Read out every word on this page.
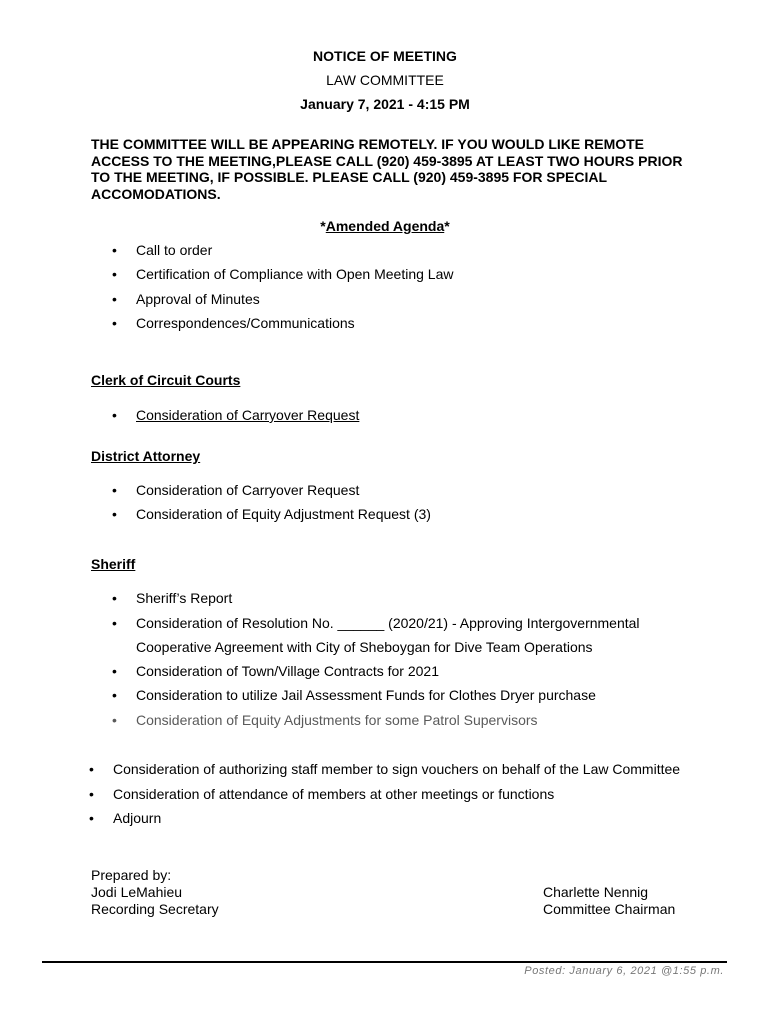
NOTICE OF MEETING
LAW COMMITTEE
January 7, 2021 - 4:15 PM
THE COMMITTEE WILL BE APPEARING REMOTELY. IF YOU WOULD LIKE REMOTE ACCESS TO THE MEETING,PLEASE CALL (920) 459-3895 AT LEAST TWO HOURS PRIOR TO THE MEETING, IF POSSIBLE. PLEASE CALL (920) 459-3895 FOR SPECIAL ACCOMODATIONS.
*Amended Agenda*
• Call to order
• Certification of Compliance with Open Meeting Law
• Approval of Minutes
• Correspondences/Communications
Clerk of Circuit Courts
• Consideration of Carryover Request
District Attorney
• Consideration of Carryover Request
• Consideration of Equity Adjustment Request (3)
Sheriff
• Sheriff’s Report
• Consideration of Resolution No. ______ (2020/21) - Approving Intergovernmental
Cooperative Agreement with City of Sheboygan for Dive Team Operations
• Consideration of Town/Village Contracts for 2021
• Consideration to utilize Jail Assessment Funds for Clothes Dryer purchase
• Consideration of Equity Adjustments for some Patrol Supervisors
• Consideration of authorizing staff member to sign vouchers on behalf of the Law Committee
• Consideration of attendance of members at other meetings or functions
• Adjourn
Prepared by:
Jodi LeMahieu
Recording Secretary
Charlette Nennig
Committee Chairman
Posted: January 6, 2021 @1:55 p.m.
